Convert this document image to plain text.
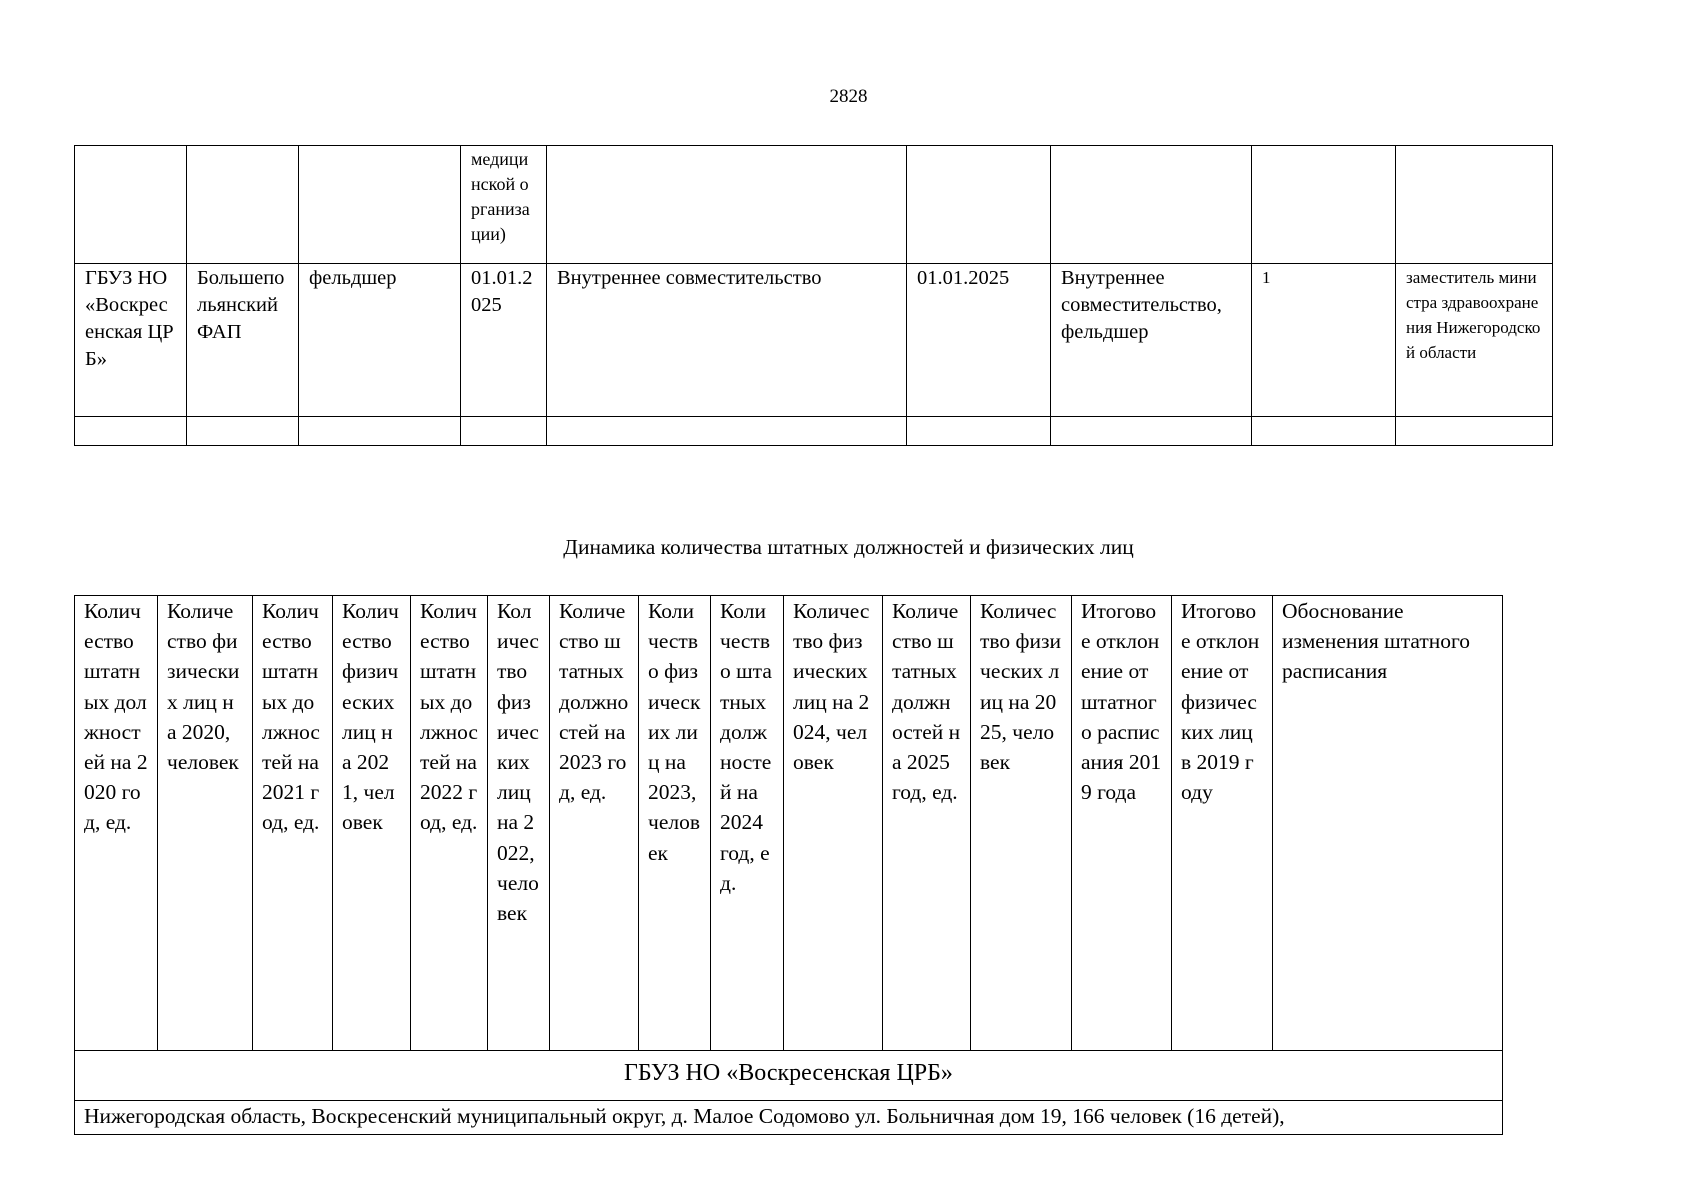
2828
			медицинской организации)					
ГБУЗ НО «Воскресенская ЦРБ»	Большепольянский ФАП	фельдшер	01.01.2025	Внутреннее совместительство	01.01.2025	Внутреннее совместительство, фельдшер	1	заместитель министра здравоохранения Нижегородской области

Динамика количества штатных должностей и физических лиц
Количество штатных должностей на 2020 год, ед.	Количество физических лиц на 2020, человек	Количество штатных должностей на 2021 год, ед.	Количество физических лиц на 2021, человек	Количество штатных должностей на 2022 год, ед.	Количество физических лиц на 2022, человек	Количество штатных должностей на 2023 год, ед.	Количество физических лиц на 2023, человек	Количество штатных должностей на 2024 год, ед.	Количество физических лиц на 2024, человек	Количество штатных должностей на 2025 год, ед.	Количество физических лиц на 2025, человек	Итоговое отклонение от штатного расписания 2019 года	Итоговое отклонение от физических лиц в 2019 году	Обоснование изменения штатного расписания
ГБУЗ НО «Воскресенская ЦРБ»
Нижегородская область, Воскресенский муниципальный округ, д. Малое Содомово ул. Больничная дом 19, 166 человек (16 детей),
